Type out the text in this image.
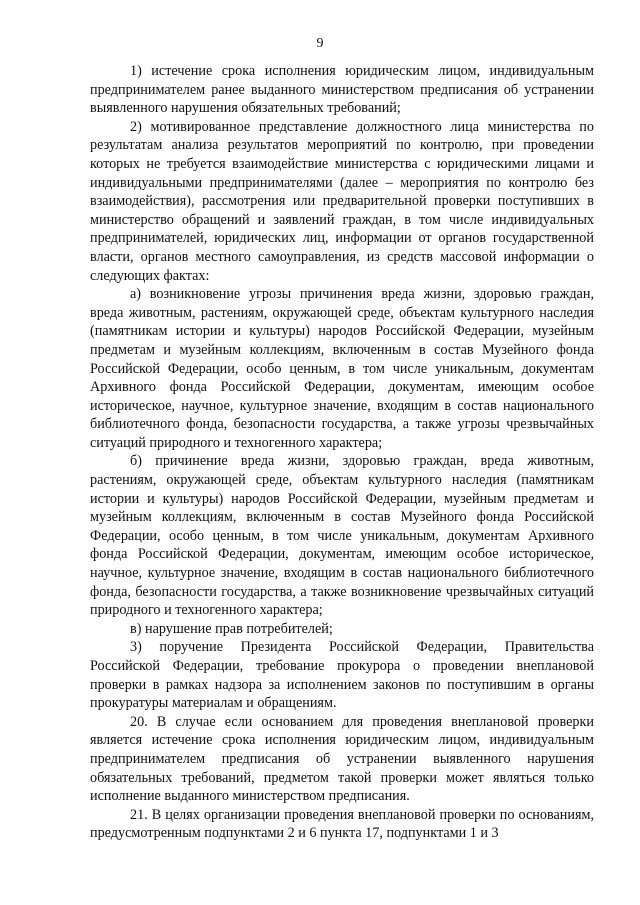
9

1) истечение срока исполнения юридическим лицом, индивидуальным предпринимателем ранее выданного министерством предписания об устранении выявленного нарушения обязательных требований;

2) мотивированное представление должностного лица министерства по результатам анализа результатов мероприятий по контролю, при проведении которых не требуется взаимодействие министерства с юридическими лицами и индивидуальными предпринимателями (далее – мероприятия по контролю без взаимодействия), рассмотрения или предварительной проверки поступивших в министерство обращений и заявлений граждан, в том числе индивидуальных предпринимателей, юридических лиц, информации от органов государственной власти, органов местного самоуправления, из средств массовой информации о следующих фактах:

а) возникновение угрозы причинения вреда жизни, здоровью граждан, вреда животным, растениям, окружающей среде, объектам культурного наследия (памятникам истории и культуры) народов Российской Федерации, музейным предметам и музейным коллекциям, включенным в состав Музейного фонда Российской Федерации, особо ценным, в том числе уникальным, документам Архивного фонда Российской Федерации, документам, имеющим особое историческое, научное, культурное значение, входящим в состав национального библиотечного фонда, безопасности государства, а также угрозы чрезвычайных ситуаций природного и техногенного характера;

б) причинение вреда жизни, здоровью граждан, вреда животным, растениям, окружающей среде, объектам культурного наследия (памятникам истории и культуры) народов Российской Федерации, музейным предметам и музейным коллекциям, включенным в состав Музейного фонда Российской Федерации, особо ценным, в том числе уникальным, документам Архивного фонда Российской Федерации, документам, имеющим особое историческое, научное, культурное значение, входящим в состав национального библиотечного фонда, безопасности государства, а также возникновение чрезвычайных ситуаций природного и техногенного характера;

в) нарушение прав потребителей;

3) поручение Президента Российской Федерации, Правительства Российской Федерации, требование прокурора о проведении внеплановой проверки в рамках надзора за исполнением законов по поступившим в органы прокуратуры материалам и обращениям.

20. В случае если основанием для проведения внеплановой проверки является истечение срока исполнения юридическим лицом, индивидуальным предпринимателем предписания об устранении выявленного нарушения обязательных требований, предметом такой проверки может являться только исполнение выданного министерством предписания.

21. В целях организации проведения внеплановой проверки по основаниям, предусмотренным подпунктами 2 и 6 пункта 17, подпунктами 1 и 3
